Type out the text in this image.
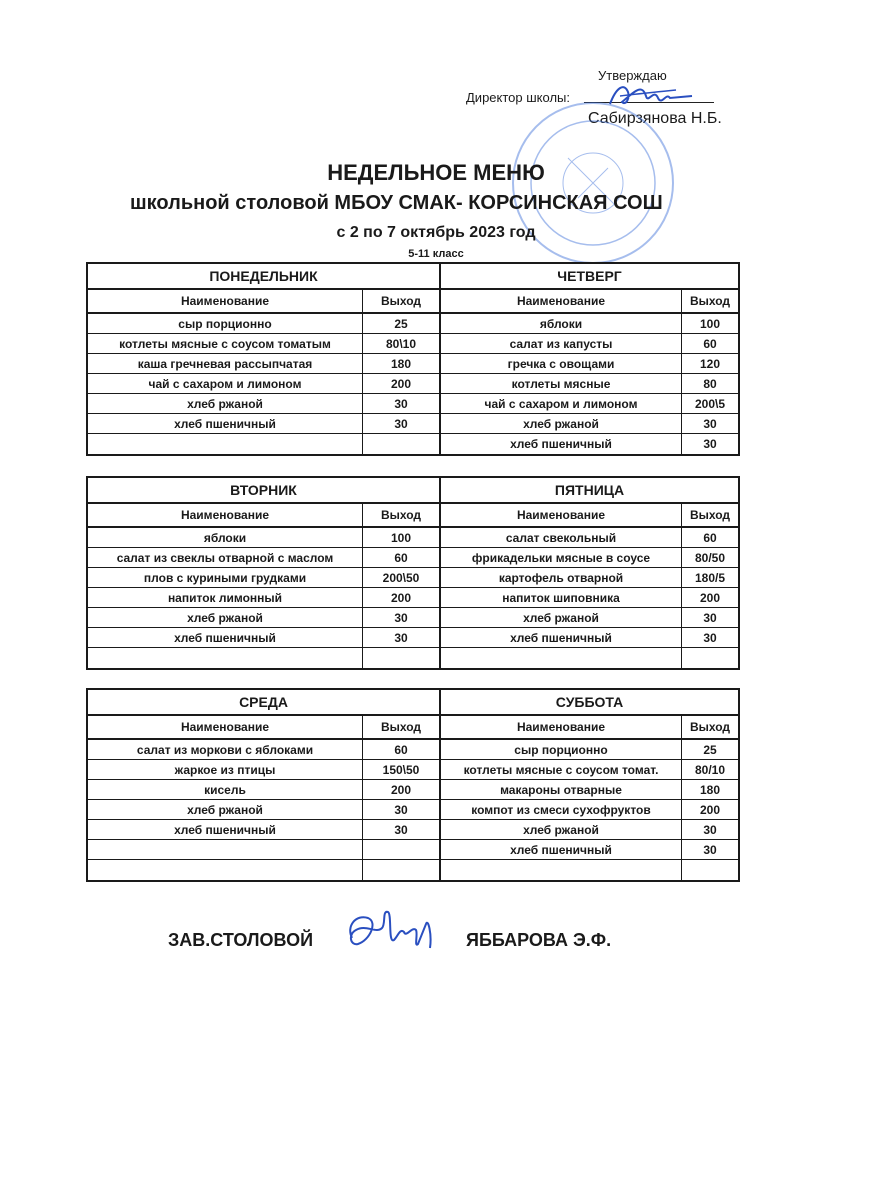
Утверждаю
Директор школы:
Сабирзянова Н.Б.
НЕДЕЛЬНОЕ МЕНЮ
школьной столовой МБОУ СМАК- КОРСИНСКАЯ СОШ
с 2 по 7 октябрь 2023 год
5-11 класс
ПОНЕДЕЛЬНИК
Наименование	Выход
сыр порционно	25
котлеты мясные с соусом томатым	80\10
каша гречневая рассыпчатая	180
чай с сахаром и лимоном	200
хлеб ржаной	30
хлеб пшеничный	30
ЧЕТВЕРГ
Наименование	Выход
яблоки	100
салат из капусты	60
гречка с овощами	120
котлеты мясные	80
чай с сахаром и лимоном	200\5
хлеб ржаной	30
хлеб пшеничный	30
ВТОРНИК
Наименование	Выход
яблоки	100
салат из свеклы отварной с маслом	60
плов с куриными грудками	200\50
напиток лимонный	200
хлеб ржаной	30
хлеб пшеничный	30
ПЯТНИЦА
Наименование	Выход
салат свекольный	60
фрикадельки мясные в соусе	80/50
картофель отварной	180/5
напиток шиповника	200
хлеб ржаной	30
хлеб пшеничный	30
СРЕДА
Наименование	Выход
салат из моркови с яблоками	60
жаркое из птицы	150\50
кисель	200
хлеб ржаной	30
хлеб пшеничный	30
СУББОТА
Наименование	Выход
сыр порционно	25
котлеты мясные с соусом томат.	80/10
макароны отварные	180
компот из смеси сухофруктов	200
хлеб ржаной	30
хлеб пшеничный	30
ЗАВ.СТОЛОВОЙ	ЯББАРОВА Э.Ф.
